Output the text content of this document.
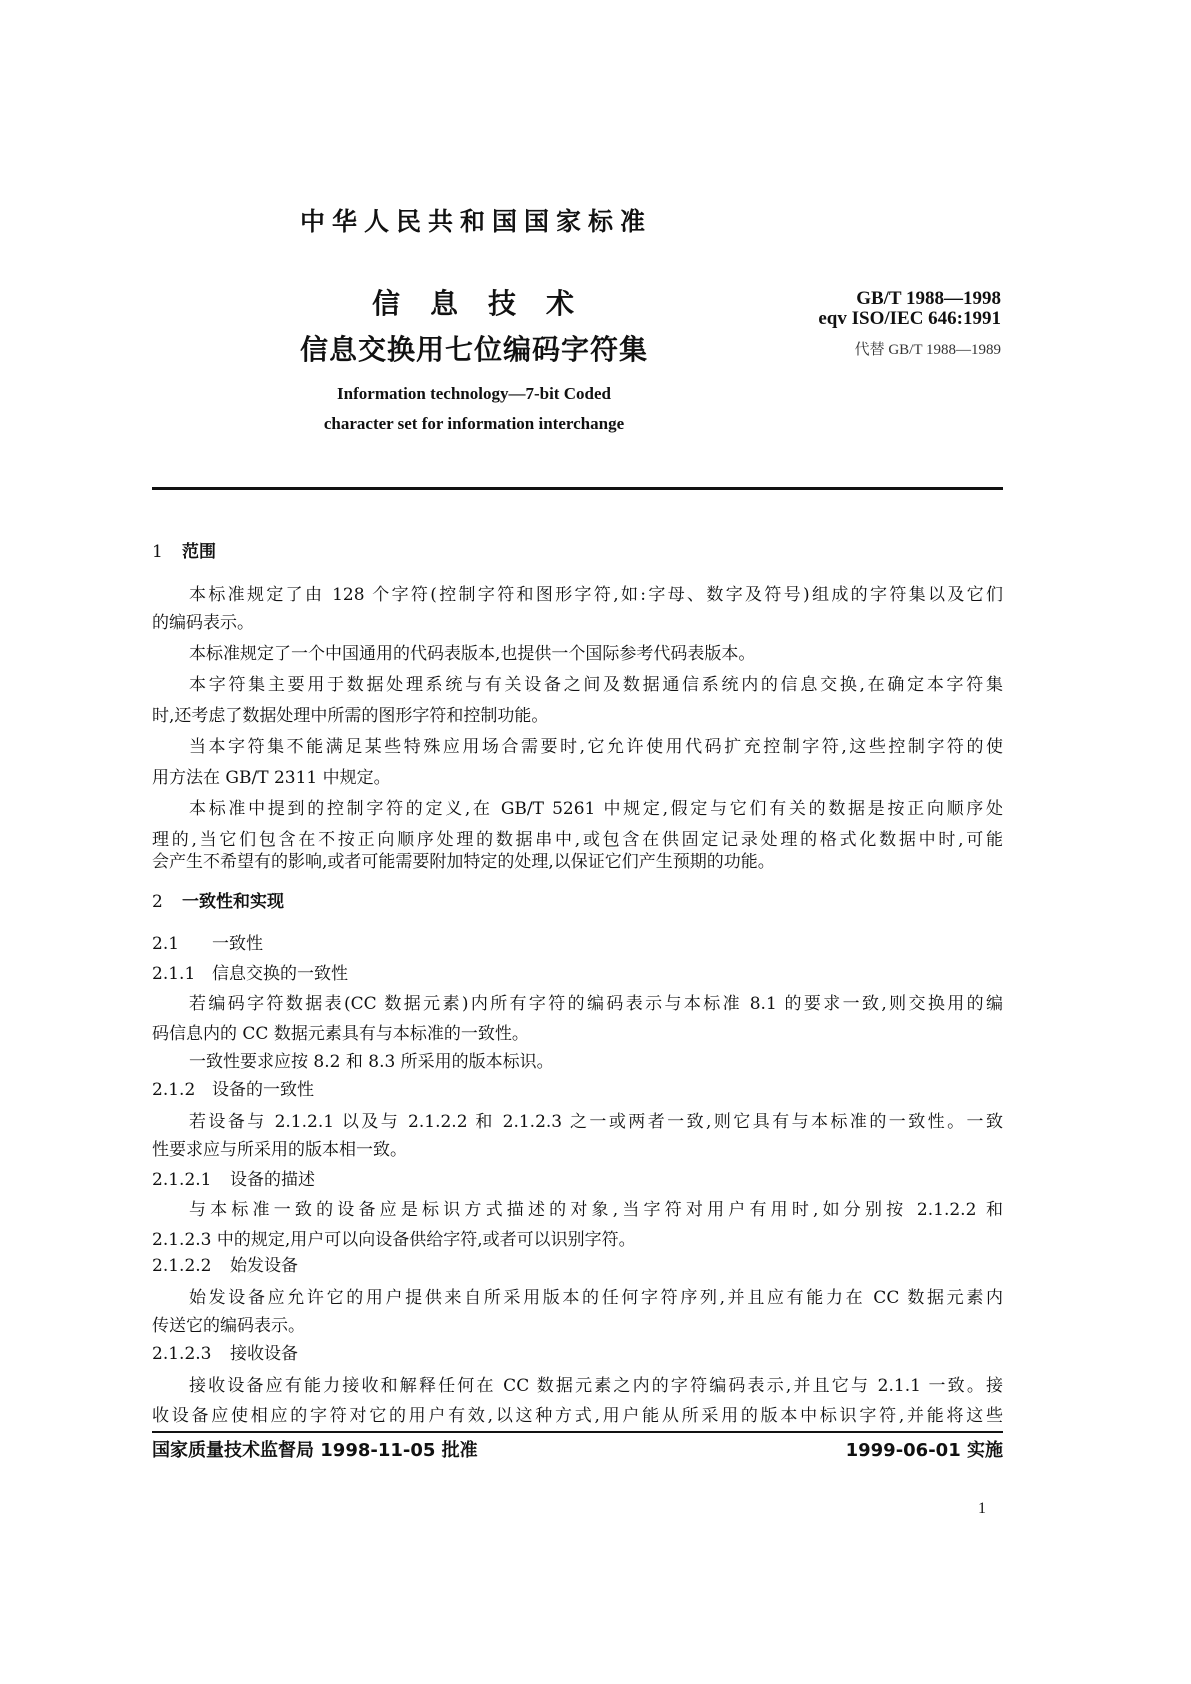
中华人民共和国国家标准
信息技术
信息交换用七位编码字符集
Information technology—7-bit Coded
character set for information interchange
GB/T 1988—1998
eqv ISO/IEC 646:1991
代替 GB/T 1988—1989
1 范围
本标准规定了由 128 个字符(控制字符和图形字符,如:字母、数字及符号)组成的字符集以及它们
的编码表示。
本标准规定了一个中国通用的代码表版本,也提供一个国际参考代码表版本。
本字符集主要用于数据处理系统与有关设备之间及数据通信系统内的信息交换,在确定本字符集
时,还考虑了数据处理中所需的图形字符和控制功能。
当本字符集不能满足某些特殊应用场合需要时,它允许使用代码扩充控制字符,这些控制字符的使
用方法在 GB/T 2311 中规定。
本标准中提到的控制字符的定义,在 GB/T 5261 中规定,假定与它们有关的数据是按正向顺序处
理的,当它们包含在不按正向顺序处理的数据串中,或包含在供固定记录处理的格式化数据中时,可能
会产生不希望有的影响,或者可能需要附加特定的处理,以保证它们产生预期的功能。
2 一致性和实现
2.1 一致性
2.1.1 信息交换的一致性
若编码字符数据表(CC 数据元素)内所有字符的编码表示与本标准 8.1 的要求一致,则交换用的编
码信息内的 CC 数据元素具有与本标准的一致性。
一致性要求应按 8.2 和 8.3 所采用的版本标识。
2.1.2 设备的一致性
若设备与 2.1.2.1 以及与 2.1.2.2 和 2.1.2.3 之一或两者一致,则它具有与本标准的一致性。一致
性要求应与所采用的版本相一致。
2.1.2.1 设备的描述
与本标准一致的设备应是标识方式描述的对象,当字符对用户有用时,如分别按 2.1.2.2 和
2.1.2.3 中的规定,用户可以向设备供给字符,或者可以识别字符。
2.1.2.2 始发设备
始发设备应允许它的用户提供来自所采用版本的任何字符序列,并且应有能力在 CC 数据元素内
传送它的编码表示。
2.1.2.3 接收设备
接收设备应有能力接收和解释任何在 CC 数据元素之内的字符编码表示,并且它与 2.1.1 一致。接
收设备应使相应的字符对它的用户有效,以这种方式,用户能从所采用的版本中标识字符,并能将这些
国家质量技术监督局 1998-11-05 批准	1999-06-01 实施
1
